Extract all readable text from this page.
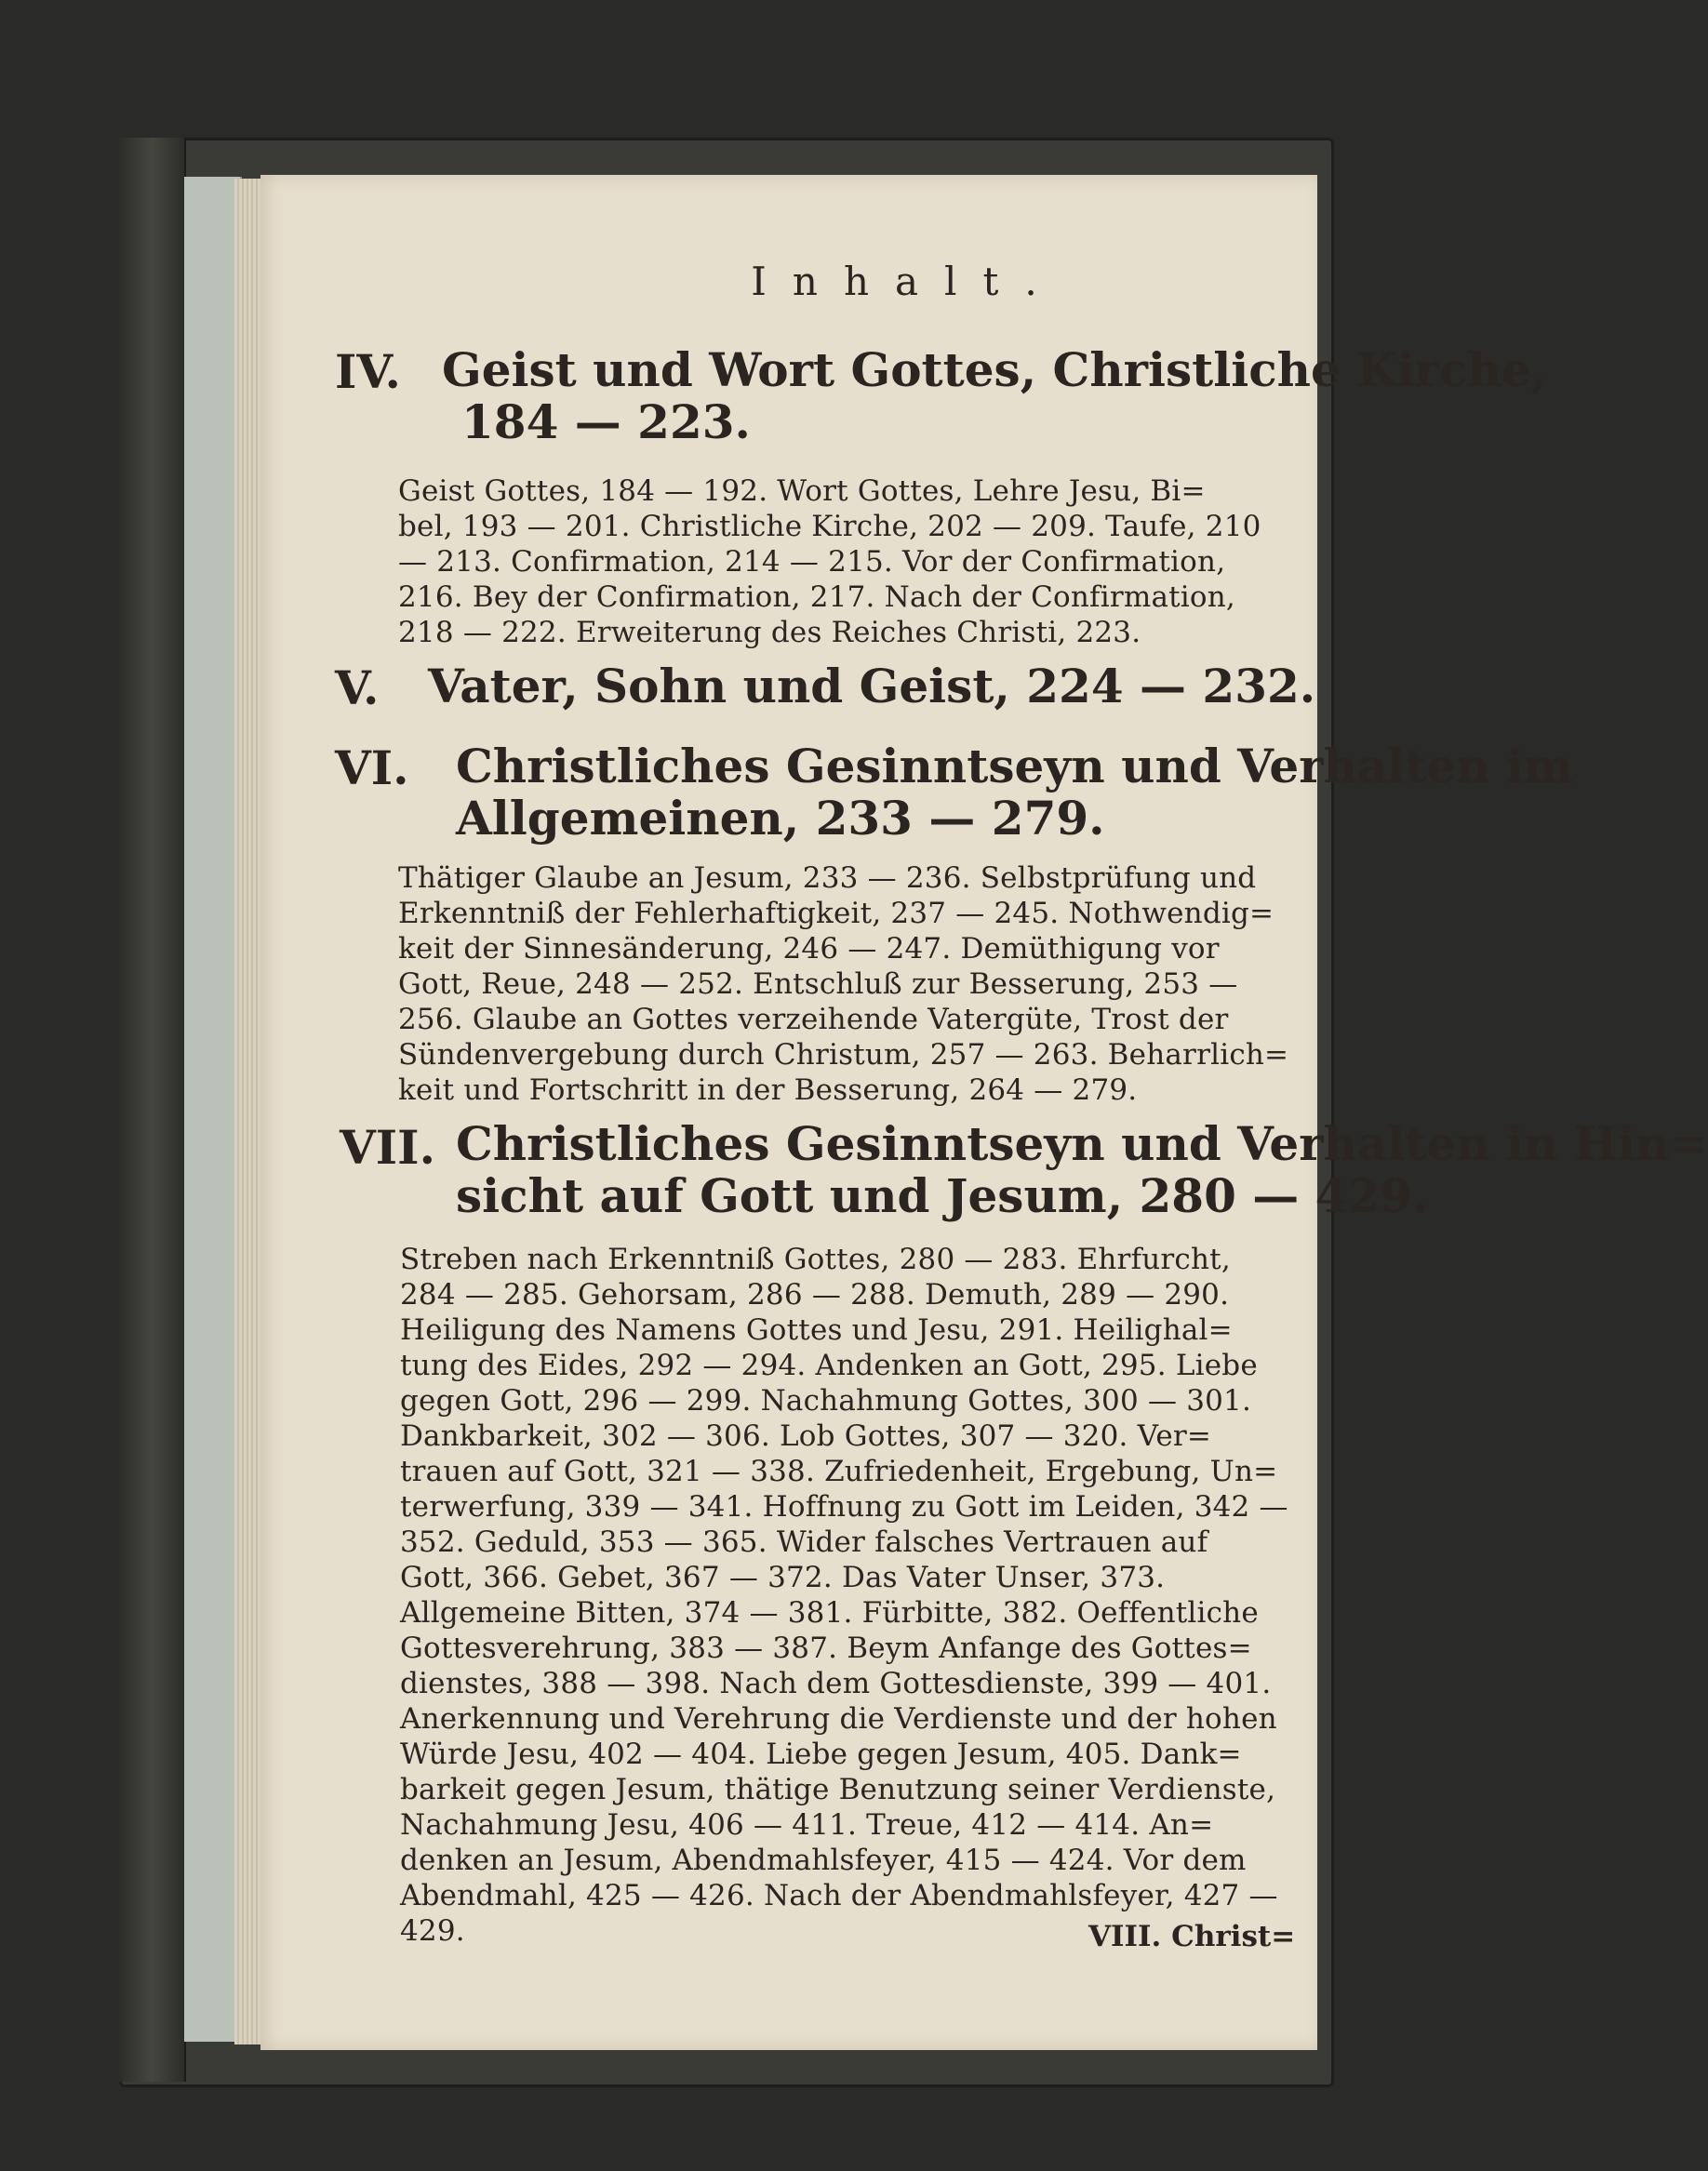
Inhalt.
IV. Geist und Wort Gottes, Christliche Kirche,
184 — 223.
Geist Gottes, 184 — 192. Wort Gottes, Lehre Jesu, Bi=
bel, 193 — 201. Christliche Kirche, 202 — 209. Taufe, 210
— 213. Confirmation, 214 — 215. Vor der Confirmation,
216. Bey der Confirmation, 217. Nach der Confirmation,
218 — 222. Erweiterung des Reiches Christi, 223.
V. Vater, Sohn und Geist, 224 — 232.
VI. Christliches Gesinntseyn und Verhalten im
Allgemeinen, 233 — 279.
Thätiger Glaube an Jesum, 233 — 236. Selbstprüfung und
Erkenntniß der Fehlerhaftigkeit, 237 — 245. Nothwendig=
keit der Sinnesänderung, 246 — 247. Demüthigung vor
Gott, Reue, 248 — 252. Entschluß zur Besserung, 253 —
256. Glaube an Gottes verzeihende Vatergüte, Trost der
Sündenvergebung durch Christum, 257 — 263. Beharrlich=
keit und Fortschritt in der Besserung, 264 — 279.
VII. Christliches Gesinntseyn und Verhalten in Hin=
sicht auf Gott und Jesum, 280 — 429.
Streben nach Erkenntniß Gottes, 280 — 283. Ehrfurcht,
284 — 285. Gehorsam, 286 — 288. Demuth, 289 — 290.
Heiligung des Namens Gottes und Jesu, 291. Heilighal=
tung des Eides, 292 — 294. Andenken an Gott, 295. Liebe
gegen Gott, 296 — 299. Nachahmung Gottes, 300 — 301.
Dankbarkeit, 302 — 306. Lob Gottes, 307 — 320. Ver=
trauen auf Gott, 321 — 338. Zufriedenheit, Ergebung, Un=
terwerfung, 339 — 341. Hoffnung zu Gott im Leiden, 342 —
352. Geduld, 353 — 365. Wider falsches Vertrauen auf
Gott, 366. Gebet, 367 — 372. Das Vater Unser, 373.
Allgemeine Bitten, 374 — 381. Fürbitte, 382. Oeffentliche
Gottesverehrung, 383 — 387. Beym Anfange des Gottes=
dienstes, 388 — 398. Nach dem Gottesdienste, 399 — 401.
Anerkennung und Verehrung die Verdienste und der hohen
Würde Jesu, 402 — 404. Liebe gegen Jesum, 405. Dank=
barkeit gegen Jesum, thätige Benutzung seiner Verdienste,
Nachahmung Jesu, 406 — 411. Treue, 412 — 414. An=
denken an Jesum, Abendmahlsfeyer, 415 — 424. Vor dem
Abendmahl, 425 — 426. Nach der Abendmahlsfeyer, 427 —
429.	VIII. Christ=
